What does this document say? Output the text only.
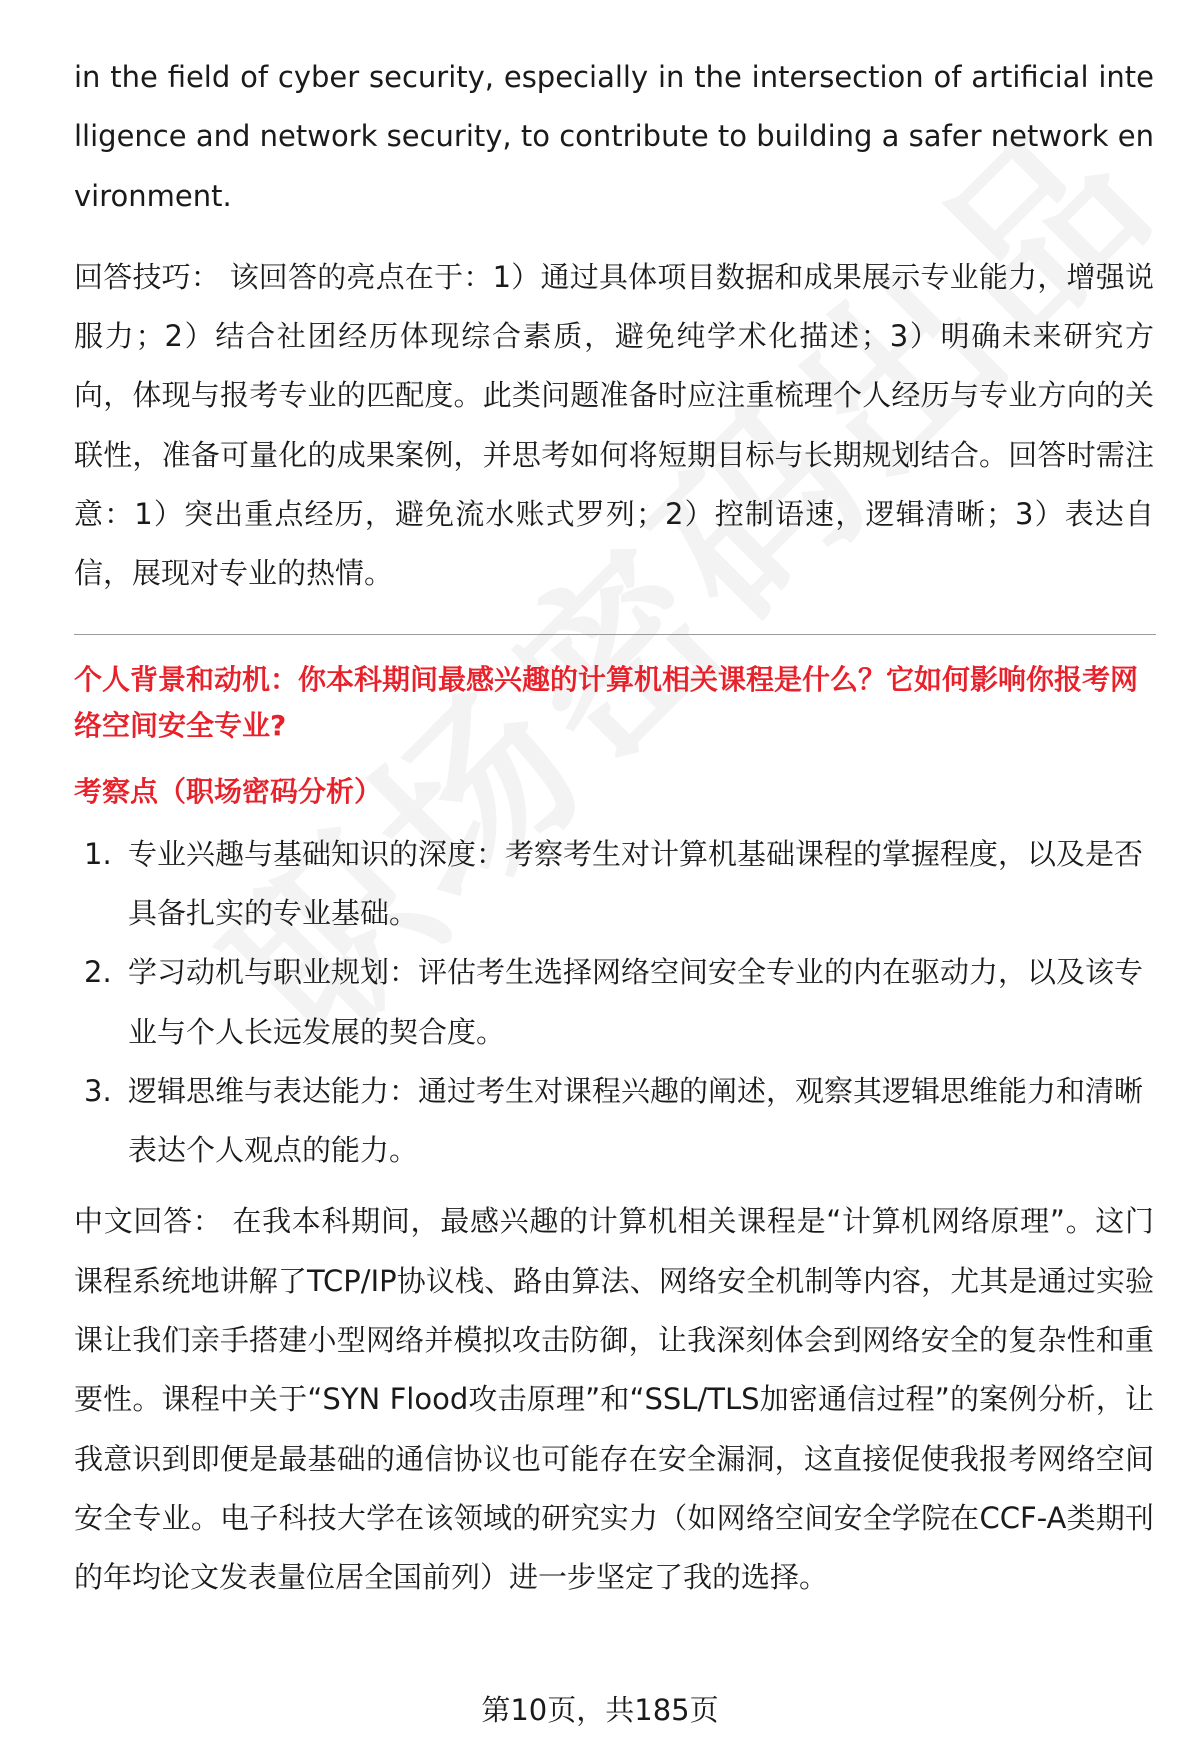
in the field of cyber security, especially in the intersection of artificial intelligence and network security, to contribute to building a safer network environment.

回答技巧： 该回答的亮点在于：1）通过具体项目数据和成果展示专业能力，增强说服力；2）结合社团经历体现综合素质，避免纯学术化描述；3）明确未来研究方向，体现与报考专业的匹配度。此类问题准备时应注重梳理个人经历与专业方向的关联性，准备可量化的成果案例，并思考如何将短期目标与长期规划结合。回答时需注意：1）突出重点经历，避免流水账式罗列；2）控制语速，逻辑清晰；3）表达自信，展现对专业的热情。

个人背景和动机：你本科期间最感兴趣的计算机相关课程是什么？它如何影响你报考网络空间安全专业?
考察点（职场密码分析）
1. 专业兴趣与基础知识的深度：考察考生对计算机基础课程的掌握程度，以及是否具备扎实的专业基础。
2. 学习动机与职业规划：评估考生选择网络空间安全专业的内在驱动力，以及该专业与个人长远发展的契合度。
3. 逻辑思维与表达能力：通过考生对课程兴趣的阐述，观察其逻辑思维能力和清晰表达个人观点的能力。

中文回答： 在我本科期间，最感兴趣的计算机相关课程是“计算机网络原理”。这门课程系统地讲解了TCP/IP协议栈、路由算法、网络安全机制等内容，尤其是通过实验课让我们亲手搭建小型网络并模拟攻击防御，让我深刻体会到网络安全的复杂性和重要性。课程中关于“SYN Flood攻击原理”和“SSL/TLS加密通信过程”的案例分析，让我意识到即便是最基础的通信协议也可能存在安全漏洞，这直接促使我报考网络空间安全专业。电子科技大学在该领域的研究实力（如网络空间安全学院在CCF-A类期刊的年均论文发表量位居全国前列）进一步坚定了我的选择。

第10页，共185页
